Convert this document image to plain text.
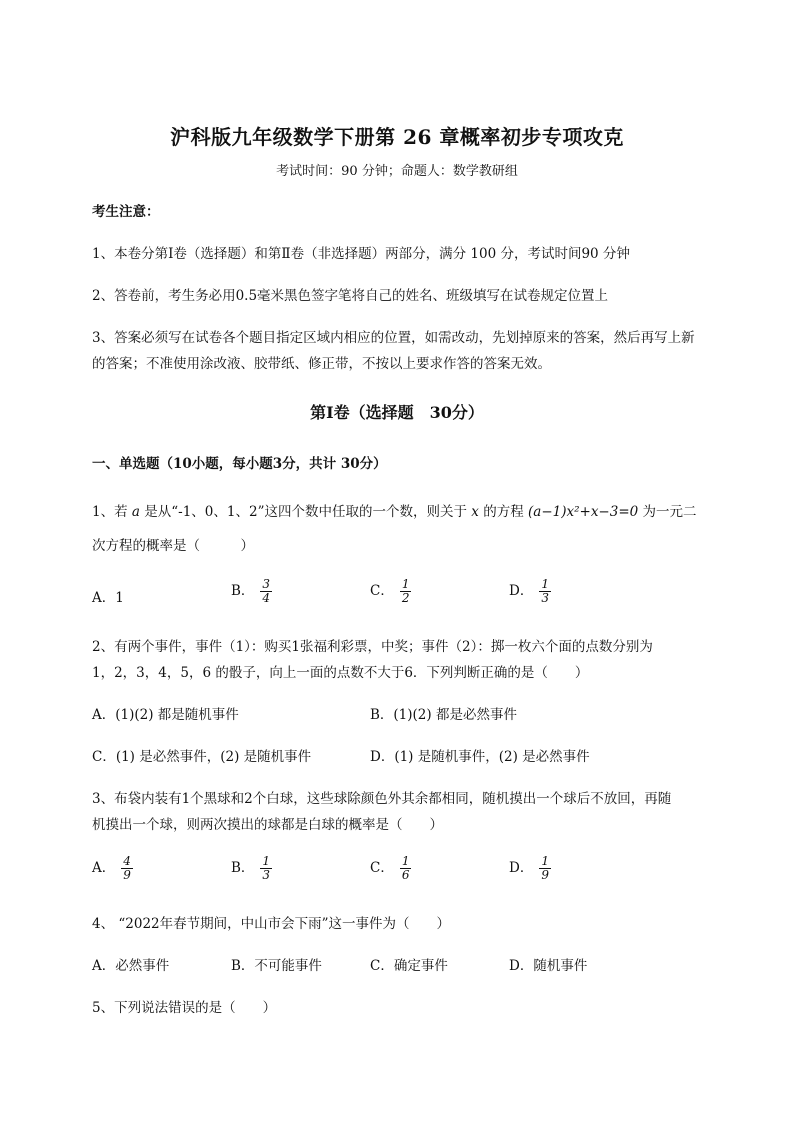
沪科版九年级数学下册第 26 章概率初步专项攻克
考试时间：90 分钟；命题人：数学教研组
考生注意：
1、本卷分第Ⅰ卷（选择题）和第Ⅱ卷（非选择题）两部分，满分 100 分，考试时间90 分钟
2、答卷前，考生务必用0.5毫米黑色签字笔将自己的姓名、班级填写在试卷规定位置上
3、答案必须写在试卷各个题目指定区域内相应的位置，如需改动，先划掉原来的答案，然后再写上新
的答案；不准使用涂改液、胶带纸、修正带，不按以上要求作答的答案无效。
第Ⅰ卷（选择题　30分）
一、单选题（10小题，每小题3分，共计 30分）
1、若 a 是从“-1、0、1、2”这四个数中任取的一个数，则关于 x 的方程 (a−1)x²+x−3=0 为一元二
次方程的概率是（　　　）
A．1	B． $\frac{3}{4}$	C． $\frac{1}{2}$	D． $\frac{1}{3}$
2、有两个事件，事件（1）：购买1张福利彩票，中奖；事件（2）：掷一枚六个面的点数分别为
1，2，3，4，5，6 的骰子，向上一面的点数不大于6．下列判断正确的是（　　）
A．(1)(2) 都是随机事件	B．(1)(2) 都是必然事件
C．(1) 是必然事件，(2) 是随机事件	D．(1) 是随机事件，(2) 是必然事件
3、布袋内装有1个黑球和2个白球，这些球除颜色外其余都相同，随机摸出一个球后不放回，再随
机摸出一个球，则两次摸出的球都是白球的概率是（　　）
A． $\frac{4}{9}$	B． $\frac{1}{3}$	C． $\frac{1}{6}$	D． $\frac{1}{9}$
4、 “2022年春节期间，中山市会下雨”这一事件为（　　）
A．必然事件	B．不可能事件	C．确定事件	D．随机事件
5、下列说法错误的是（　　）
